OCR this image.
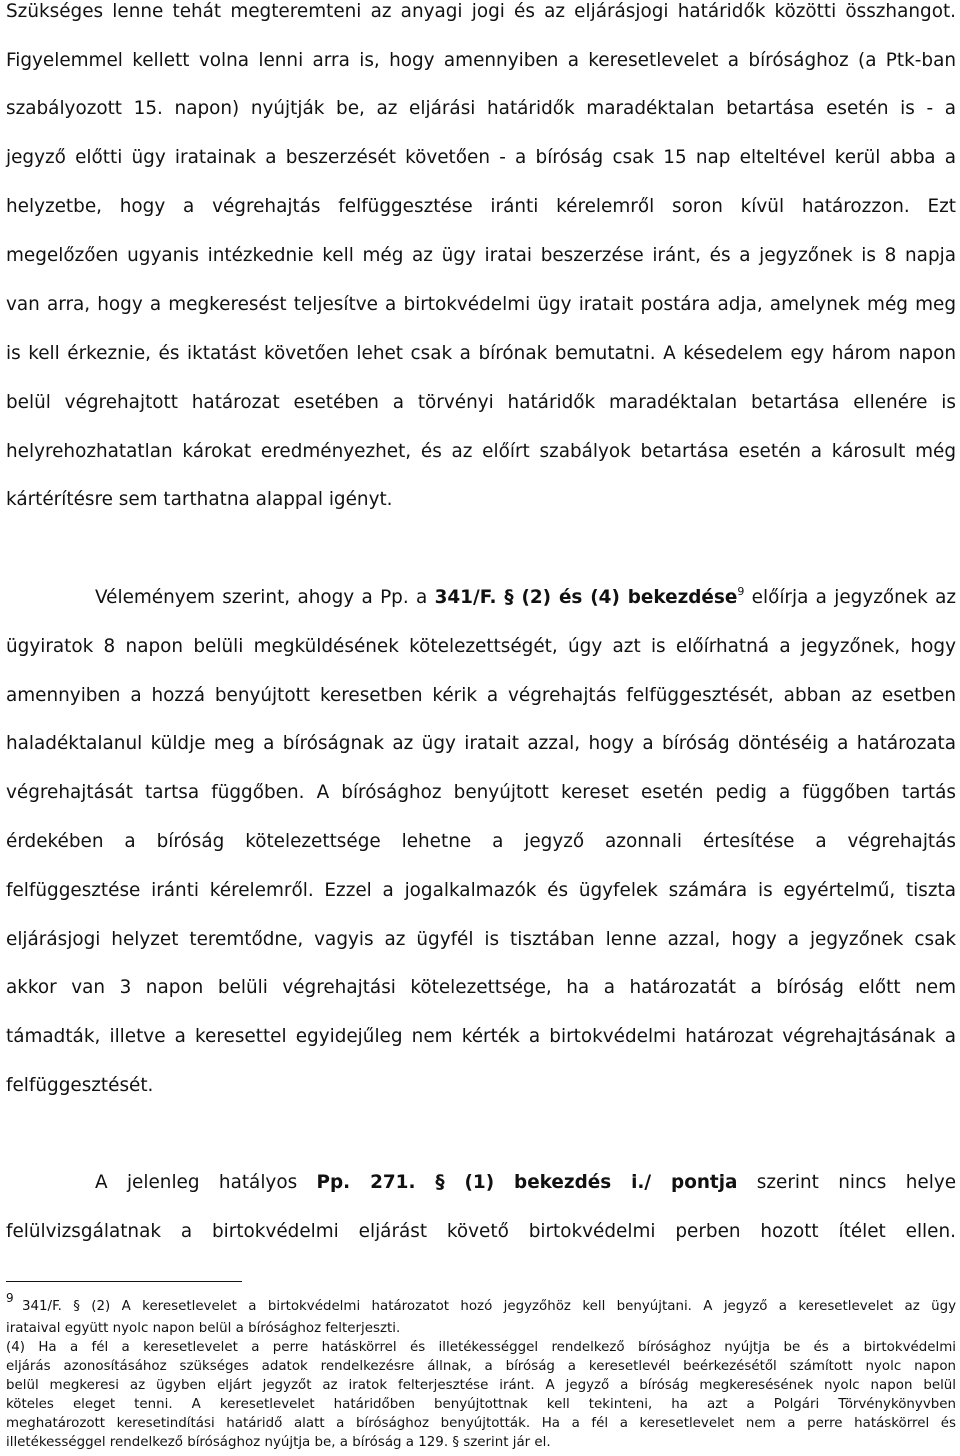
Szükséges lenne tehát megteremteni az anyagi jogi és az eljárásjogi határidők közötti összhangot.
Figyelemmel kellett volna lenni arra is, hogy amennyiben a keresetlevelet a bírósághoz (a Ptk-ban
szabályozott 15. napon) nyújtják be, az eljárási határidők maradéktalan betartása esetén is - a
jegyző előtti ügy iratainak a beszerzését követően - a bíróság csak 15 nap elteltével kerül abba a
helyzetbe, hogy a végrehajtás felfüggesztése iránti kérelemről soron kívül határozzon. Ezt
megelőzően ugyanis intézkednie kell még az ügy iratai beszerzése iránt, és a jegyzőnek is 8 napja
van arra, hogy a megkeresést teljesítve a birtokvédelmi ügy iratait postára adja, amelynek még meg
is kell érkeznie, és iktatást követően lehet csak a bírónak bemutatni. A késedelem egy három napon
belül végrehajtott határozat esetében a törvényi határidők maradéktalan betartása ellenére is
helyrehozhatatlan károkat eredményezhet, és az előírt szabályok betartása esetén a károsult még
kártérítésre sem tarthatna alappal igényt.
Véleményem szerint, ahogy a Pp. a 341/F. § (2) és (4) bekezdése$^9$ előírja a jegyzőnek az
ügyiratok 8 napon belüli megküldésének kötelezettségét, úgy azt is előírhatná a jegyzőnek, hogy
amennyiben a hozzá benyújtott keresetben kérik a végrehajtás felfüggesztését, abban az esetben
haladéktalanul küldje meg a bíróságnak az ügy iratait azzal, hogy a bíróság döntéséig a határozata
végrehajtását tartsa függőben. A bírósághoz benyújtott kereset esetén pedig a függőben tartás
érdekében a bíróság kötelezettsége lehetne a jegyző azonnali értesítése a végrehajtás
felfüggesztése iránti kérelemről. Ezzel a jogalkalmazók és ügyfelek számára is egyértelmű, tiszta
eljárásjogi helyzet teremtődne, vagyis az ügyfél is tisztában lenne azzal, hogy a jegyzőnek csak
akkor van 3 napon belüli végrehajtási kötelezettsége, ha a határozatát a bíróság előtt nem
támadták, illetve a keresettel egyidejűleg nem kérték a birtokvédelmi határozat végrehajtásának a
felfüggesztését.
A jelenleg hatályos Pp. 271. § (1) bekezdés i./ pontja szerint nincs helye
felülvizsgálatnak a birtokvédelmi eljárást követő birtokvédelmi perben hozott ítélet ellen.
9
341/F. § (2) A keresetlevelet a birtokvédelmi határozatot hozó jegyzőhöz kell benyújtani. A jegyző a keresetlevelet az ügy
irataival együtt nyolc napon belül a bírósághoz felterjeszti.
(4) Ha a fél a keresetlevelet a perre hatáskörrel és illetékességgel rendelkező bírósághoz nyújtja be és a birtokvédelmi
eljárás azonosításához szükséges adatok rendelkezésre állnak, a bíróság a keresetlevél beérkezésétől számított nyolc napon
belül megkeresi az ügyben eljárt jegyzőt az iratok felterjesztése iránt. A jegyző a bíróság megkeresésének nyolc napon belül
köteles eleget tenni. A keresetlevelet határidőben benyújtottnak kell tekinteni, ha azt a Polgári Törvénykönyvben
meghatározott keresetindítási határidő alatt a bírósághoz benyújtották. Ha a fél a keresetlevelet nem a perre hatáskörrel és
illetékességgel rendelkező bírósághoz nyújtja be, a bíróság a 129. § szerint jár el.
